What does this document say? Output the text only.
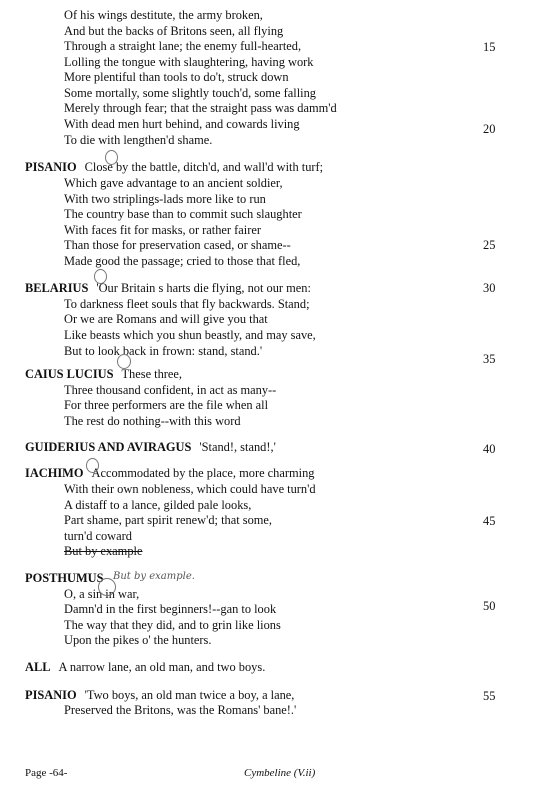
Of his wings destitute, the army broken,
And but the backs of Britons seen, all flying
Through a straight lane; the enemy full-hearted,
Lolling the tongue with slaughtering, having work
More plentiful than tools to do't, struck down
Some mortally, some slightly touch'd, some falling
Merely through fear; that the straight pass was damm'd
With dead men hurt behind, and cowards living
To die with lengthen'd shame.
PISANIO Close by the battle, ditch'd, and wall'd with turf;
Which gave advantage to an ancient soldier,
With two striplings-lads more like to run
The country base than to commit such slaughter
With faces fit for masks, or rather fairer
Than those for preservation cased, or shame--
Made good the passage; cried to those that fled,
BELARIUS 'Our Britain s harts die flying, not our men:
To darkness fleet souls that fly backwards. Stand;
Or we are Romans and will give you that
Like beasts which you shun beastly, and may save,
But to look back in frown: stand, stand.'
CAIUS LUCIUS These three,
Three thousand confident, in act as many--
For three performers are the file when all
The rest do nothing--with this word
GUIDERIUS AND AVIRAGUS 'Stand!, stand!,'
IACHIMO Accommodated by the place, more charming
With their own nobleness, which could have turn'd
A distaff to a lance, gilded pale looks,
Part shame, part spirit renew'd; that some,
turn'd coward
But by example
POSTHUMUS
O, a sin in war,
Damn'd in the first beginners!--gan to look
The way that they did, and to grin like lions
Upon the pikes o' the hunters.
ALL A narrow lane, an old man, and two boys.
PISANIO 'Two boys, an old man twice a boy, a lane,
Preserved the Britons, was the Romans' bane!.'
15
20
25
30
35
40
45
50
55
But by example.
Page -64-	Cymbeline (V.ii)
